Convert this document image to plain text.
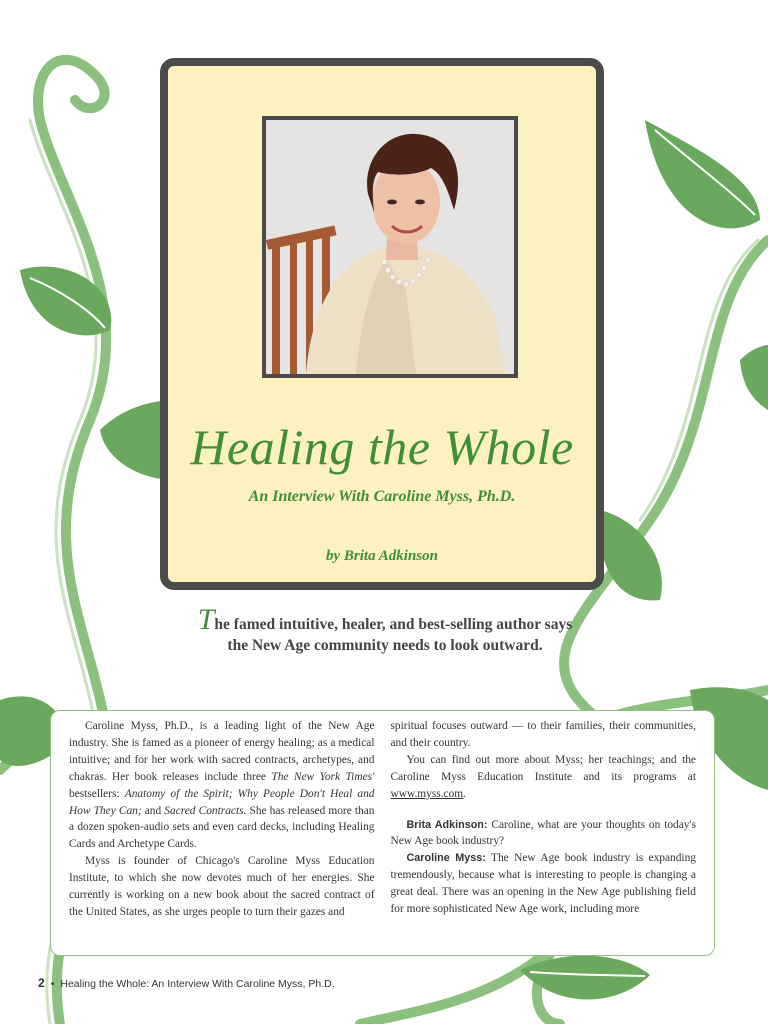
Healing the Whole
An Interview With Caroline Myss, Ph.D.
by Brita Adkinson
The famed intuitive, healer, and best-selling author says the New Age community needs to look outward.

Caroline Myss, Ph.D., is a leading light of the New Age industry. She is famed as a pioneer of energy healing; as a medical intuitive; and for her work with sacred contracts, archetypes, and chakras. Her book releases include three The New York Times' bestsellers: Anatomy of the Spirit; Why People Don't Heal and How They Can; and Sacred Contracts. She has released more than a dozen spoken-audio sets and even card decks, including Healing Cards and Archetype Cards.

Myss is founder of Chicago's Caroline Myss Education Institute, to which she now devotes much of her energies. She currently is working on a new book about the sacred contract of the United States, as she urges people to turn their gazes and

spiritual focuses outward — to their families, their communities, and their country.

You can find out more about Myss; her teachings; and the Caroline Myss Education Institute and its programs at www.myss.com.

Brita Adkinson: Caroline, what are your thoughts on today's New Age book industry?

Caroline Myss: The New Age book industry is expanding tremendously, because what is interesting to people is changing a great deal. There was an opening in the New Age publishing field for more sophisticated New Age work, including more

2 • Healing the Whole: An Interview With Caroline Myss, Ph.D.
